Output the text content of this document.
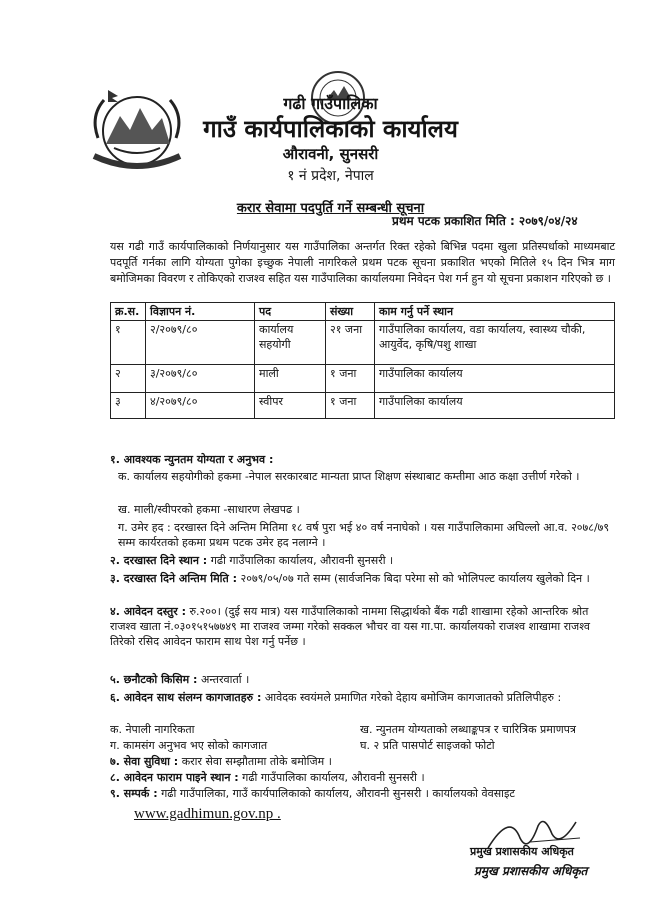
गढी गाउँपालिका
गाउँ कार्यपालिकाको कार्यालय
औरावनी, सुनसरी
१ नं प्रदेश, नेपाल
करार सेवामा पदपुर्ति गर्ने सम्बन्धी सूचना
प्रथम पटक प्रकाशित मिति : २०७९/०४/२४
यस गढी गाउँ कार्यपालिकाको निर्णयानुसार यस गाउँपालिका अन्तर्गत रिक्त रहेको बिभिन्न पदमा खुला प्रतिस्पर्धाको माध्यमबाट पदपूर्ति गर्नका लागि योग्यता पुगेका इच्छुक नेपाली नागरिकले प्रथम पटक सूचना प्रकाशित भएको मितिले १५ दिन भित्र माग बमोजिमका विवरण र तोकिएको राजश्व सहित यस गाउँपालिका कार्यालयमा निवेदन पेश गर्न हुन यो सूचना प्रकाशन गरिएको छ ।
क्र.स.	विज्ञापन नं.	पद	संख्या	काम गर्नु पर्ने स्थान
१	२/२०७९/८०	कार्यालय सहयोगी	२१ जना	गाउँपालिका कार्यालय, वडा कार्यालय, स्वास्थ्य चौकी, आयुर्वेद, कृषि/पशु शाखा
२	३/२०७९/८०	माली	१ जना	गाउँपालिका कार्यालय
३	४/२०७९/८०	स्वीपर	१ जना	गाउँपालिका कार्यालय
१. आवश्यक न्युनतम योग्यता र अनुभव :
क. कार्यालय सहयोगीको हकमा -नेपाल सरकारबाट मान्यता प्राप्त शिक्षण संस्थाबाट कम्तीमा आठ कक्षा उत्तीर्ण गरेको ।
ख. माली/स्वीपरको हकमा -साधारण लेखपढ ।
ग. उमेर हद : दरखास्त दिने अन्तिम मितिमा १८ वर्ष पुरा भई ४० वर्ष ननाघेको । यस गाउँपालिकामा अघिल्लो आ.व. २०७८/७९ सम्म कार्यरतको हकमा प्रथम पटक उमेर हद नलाग्ने ।
२. दरखास्त दिने स्थान : गढी गाउँपालिका कार्यालय, औरावनी सुनसरी ।
३. दरखास्त दिने अन्तिम मिति : २०७९/०५/०७ गते सम्म (सार्वजनिक बिदा परेमा सो को भोलिपल्ट कार्यालय खुलेको दिन ।
४. आवेदन दस्तुर : रु.२००। (दुई सय मात्र) यस गाउँपालिकाको नाममा सिद्धार्थको बैंक गढी शाखामा रहेको आन्तरिक श्रोत राजश्व खाता नं.०३०१५१५७७४९ मा राजश्व जम्मा गरेको सक्कल भौचर वा यस गा.पा. कार्यालयको राजश्व शाखामा राजश्व तिरेको रसिद आवेदन फाराम साथ पेश गर्नु पर्नेछ ।
५. छनौटको किसिम : अन्तरवार्ता ।
६. आवेदन साथ संलग्न कागजातहरु : आवेदक स्वयंमले प्रमाणित गरेको देहाय बमोजिम कागजातको प्रतिलिपीहरु :
क. नेपाली नागरिकता	ख. न्युनतम योग्यताको लब्धाङ्कपत्र र चारित्रिक प्रमाणपत्र
ग. कामसंग अनुभव भए सोको कागजात	घ. २ प्रति पासपोर्ट साइजको फोटो
७. सेवा सुविधा : करार सेवा सम्झौतामा तोके बमोजिम ।
८. आवेदन फाराम पाइने स्थान : गढी गाउँपालिका कार्यालय, औरावनी सुनसरी ।
९. सम्पर्क : गढी गाउँपालिका, गाउँ कार्यपालिकाको कार्यालय, औरावनी सुनसरी । कार्यालयको वेवसाइट
www.gadhimun.gov.np .
प्रमुख प्रशासकीय अधिकृत
प्रमुख प्रशासकीय अधिकृत
